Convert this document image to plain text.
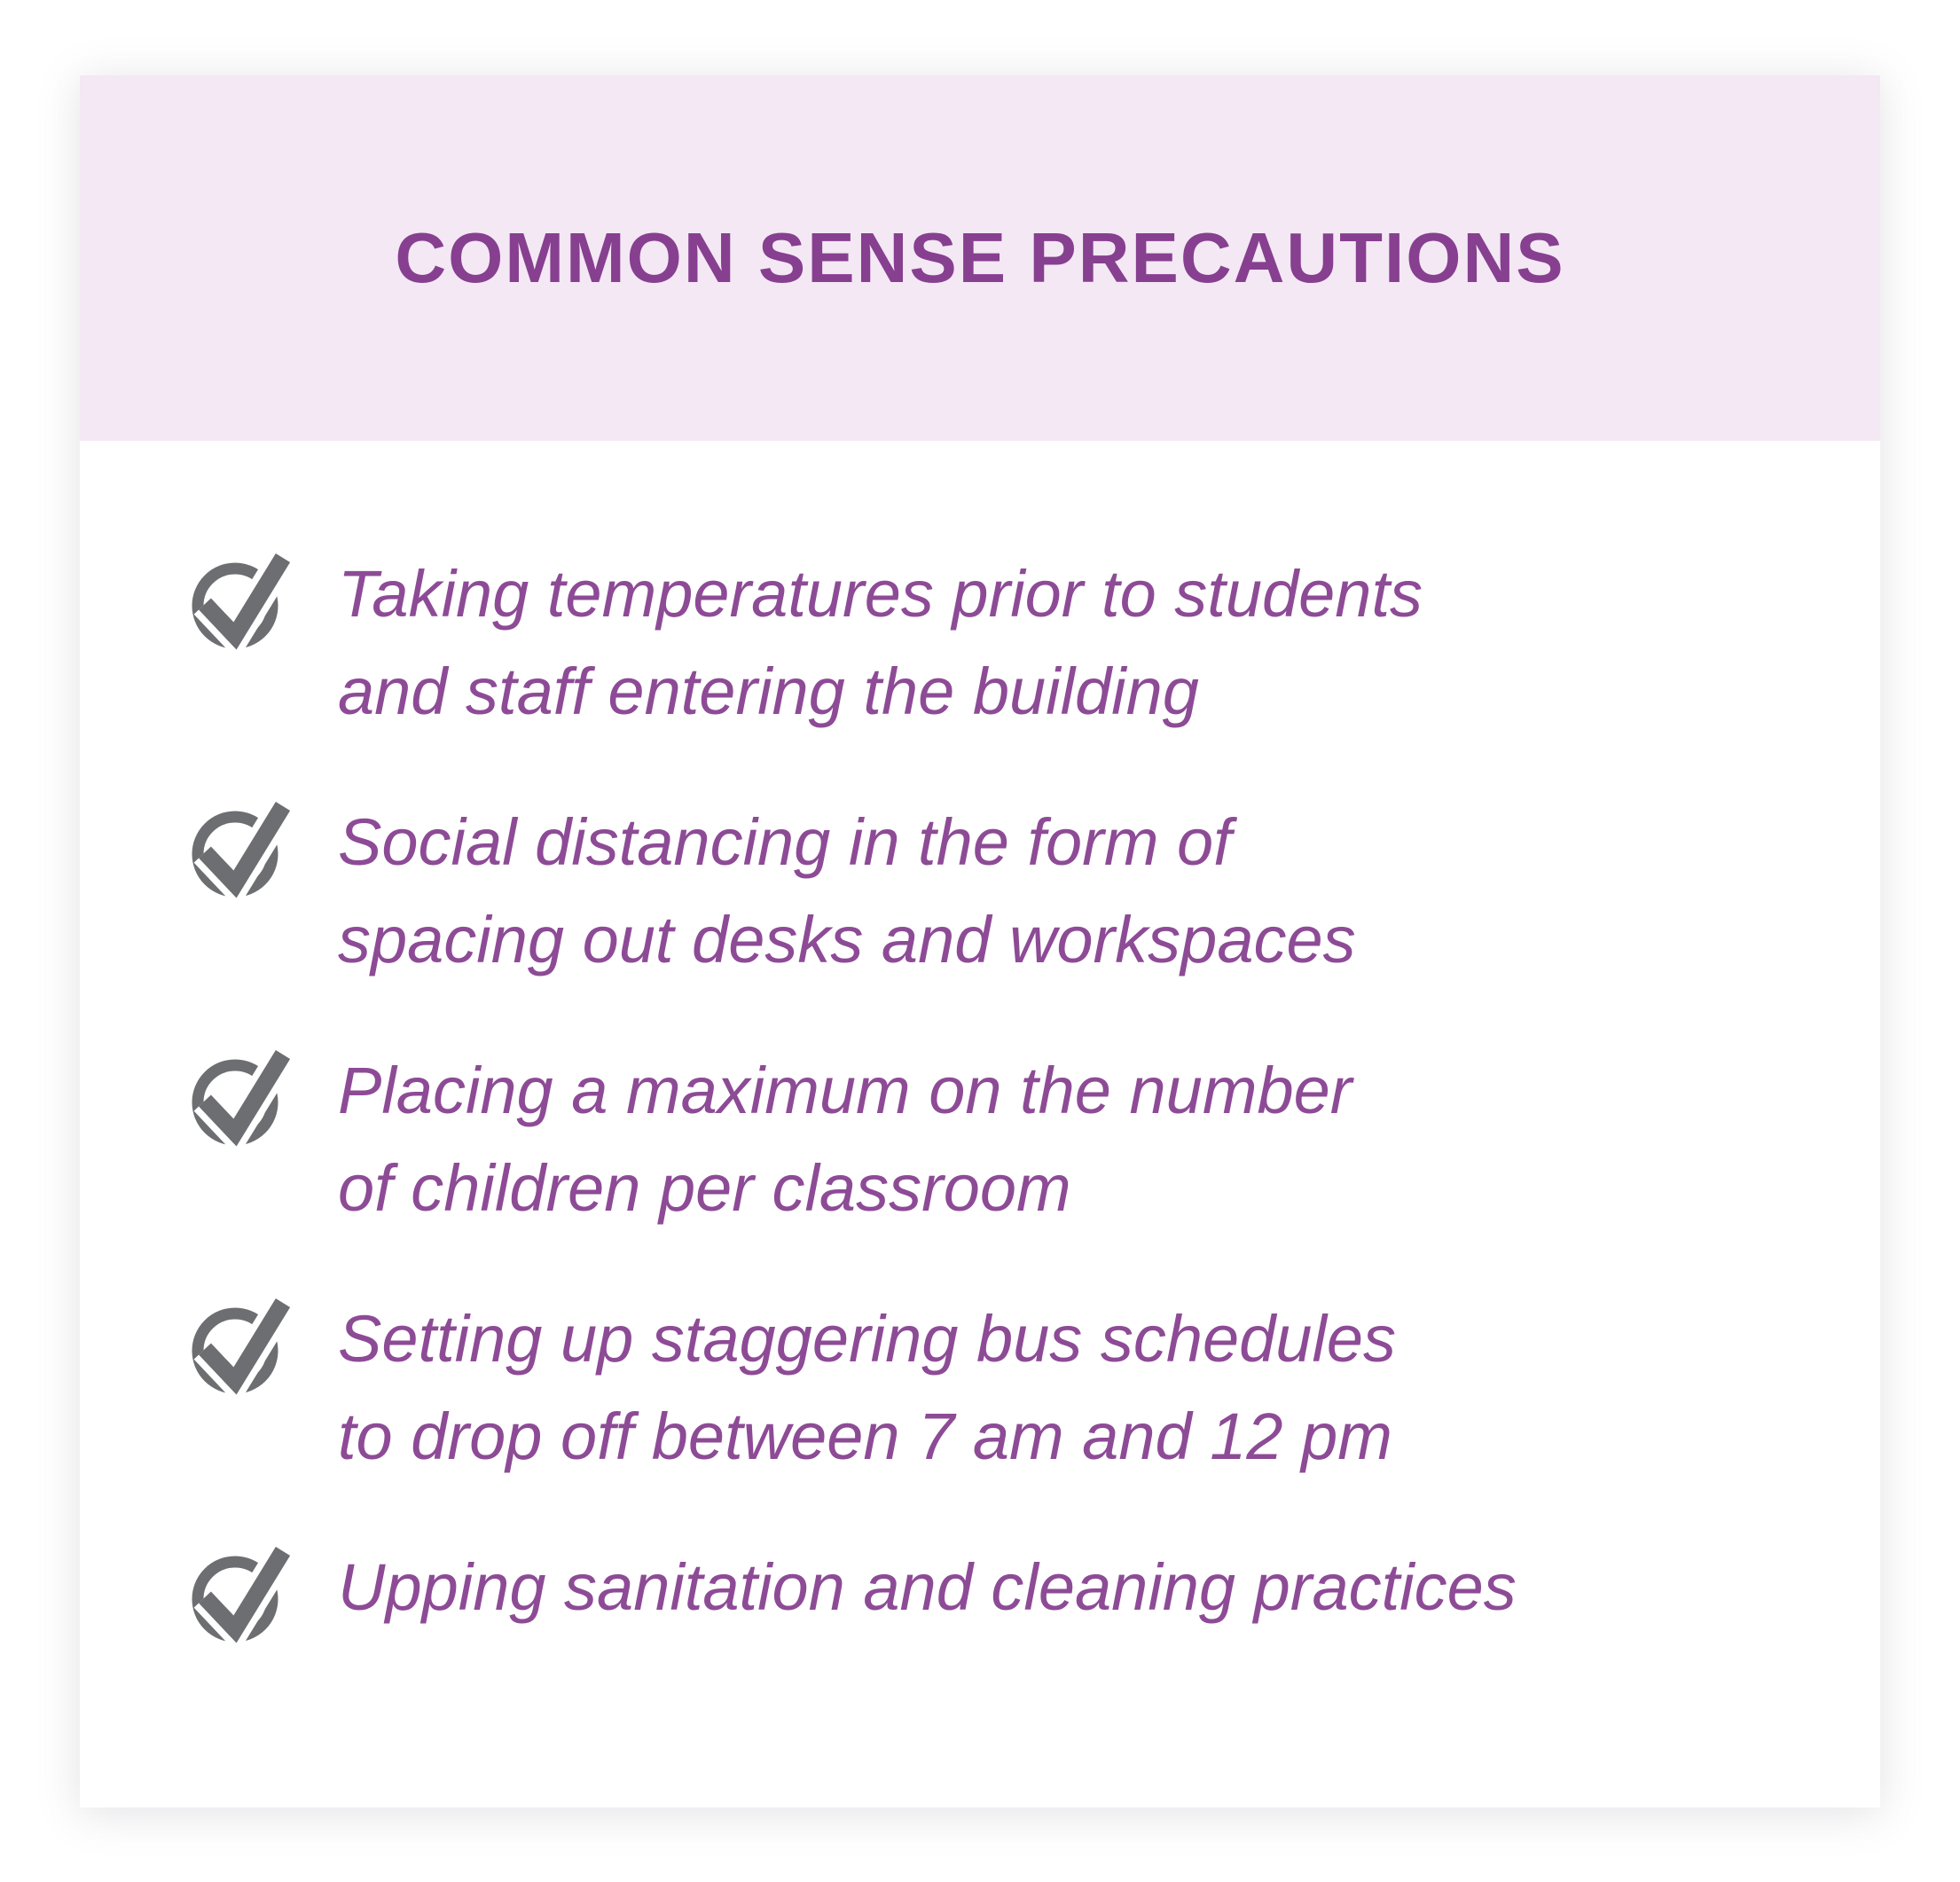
COMMON SENSE PRECAUTIONS
Taking temperatures prior to students
and staff entering the building
Social distancing in the form of
spacing out desks and workspaces
Placing a maximum on the number
of children per classroom
Setting up staggering bus schedules
to drop off between 7 am and 12 pm
Upping sanitation and cleaning practices
